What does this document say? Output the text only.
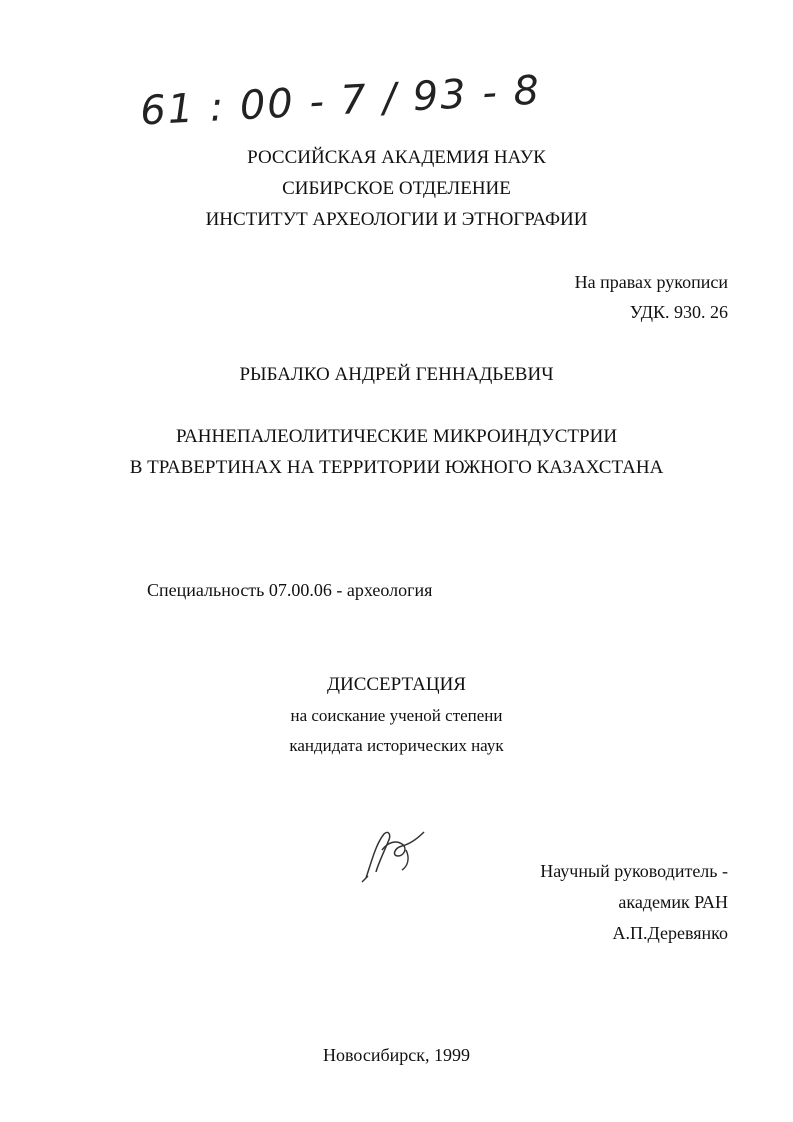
61 : 00 - 7 / 93 - 8
РОССИЙСКАЯ АКАДЕМИЯ НАУК
СИБИРСКОЕ ОТДЕЛЕНИЕ
ИНСТИТУТ АРХЕОЛОГИИ И ЭТНОГРАФИИ
На правах рукописи
УДК. 930. 26
РЫБАЛКО АНДРЕЙ ГЕННАДЬЕВИЧ
РАННЕПАЛЕОЛИТИЧЕСКИЕ МИКРОИНДУСТРИИ
В ТРАВЕРТИНАХ НА ТЕРРИТОРИИ ЮЖНОГО КАЗАХСТАНА
Специальность 07.00.06 - археология
ДИССЕРТАЦИЯ
на соискание ученой степени
кандидата исторических наук
Научный руководитель -
академик РАН
А.П.Деревянко
Новосибирск, 1999
